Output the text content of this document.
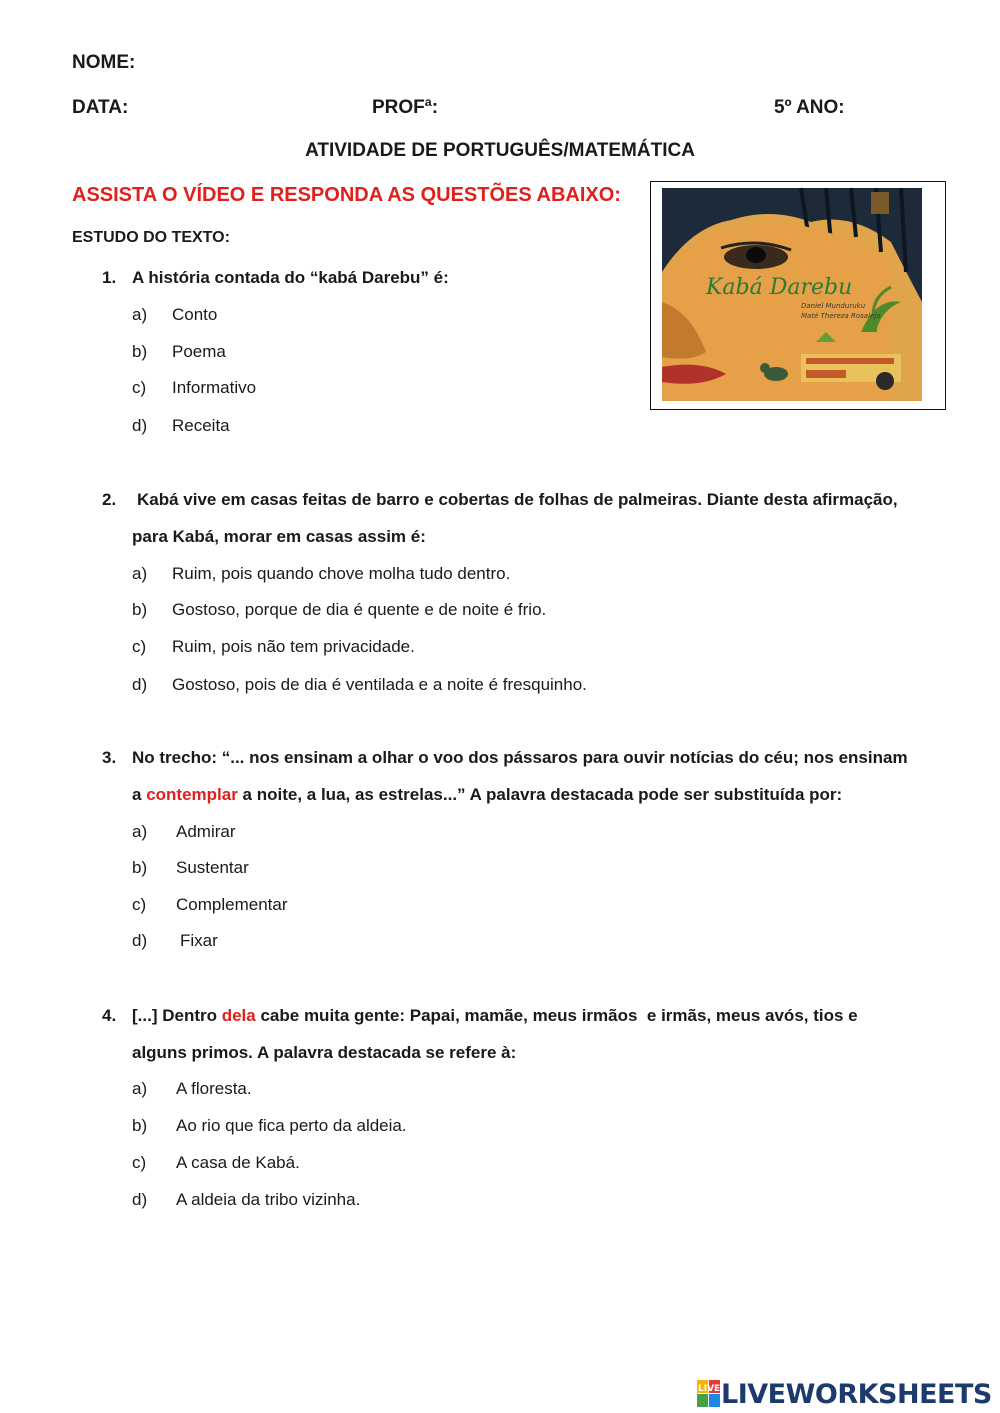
NOME:
DATA:	PROFª:	5º ANO:
ATIVIDADE DE PORTUGUÊS/MATEMÁTICA
ASSISTA O VÍDEO E RESPONDA AS QUESTÕES ABAIXO:
ESTUDO DO TEXTO:
Kabá Darebu
Daniel Munduruku
Maté Thereza Rosalejo
1. A história contada do “kabá Darebu” é:
a) Conto
b) Poema
c) Informativo
d) Receita
2. Kabá vive em casas feitas de barro e cobertas de folhas de palmeiras. Diante desta afirmação,
para Kabá, morar em casas assim é:
a) Ruim, pois quando chove molha tudo dentro.
b) Gostoso, porque de dia é quente e de noite é frio.
c) Ruim, pois não tem privacidade.
d) Gostoso, pois de dia é ventilada e a noite é fresquinho.
3. No trecho: “... nos ensinam a olhar o voo dos pássaros para ouvir notícias do céu; nos ensinam
a contemplar a noite, a lua, as estrelas...” A palavra destacada pode ser substituída por:
a) Admirar
b) Sustentar
c) Complementar
d) Fixar
4. [...] Dentro dela cabe muita gente: Papai, mamãe, meus irmãos  e irmãs, meus avós, tios e
alguns primos. A palavra destacada se refere à:
a) A floresta.
b) Ao rio que fica perto da aldeia.
c) A casa de Kabá.
d) A aldeia da tribo vizinha.
LIVE LIVEWORKSHEETS
